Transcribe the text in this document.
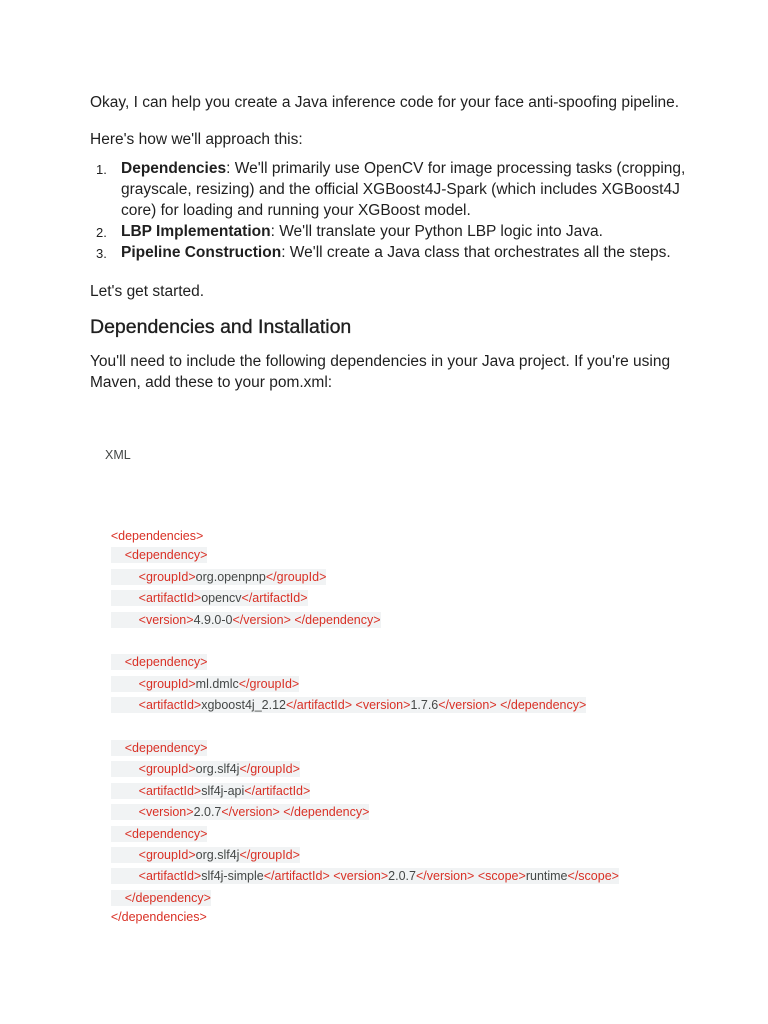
Okay, I can help you create a Java inference code for your face anti-spoofing pipeline.

Here's how we'll approach this:

1. Dependencies: We'll primarily use OpenCV for image processing tasks (cropping, grayscale, resizing) and the official XGBoost4J-Spark (which includes XGBoost4J core) for loading and running your XGBoost model.
2. LBP Implementation: We'll translate your Python LBP logic into Java.
3. Pipeline Construction: We'll create a Java class that orchestrates all the steps.

Let's get started.

Dependencies and Installation

You'll need to include the following dependencies in your Java project. If you're using Maven, add these to your pom.xml:

XML

<dependencies>

<dependency>

<groupId>org.openpnp</groupId>

<artifactId>opencv</artifactId>

<version>4.9.0-0</version> </dependency>

<dependency>

<groupId>ml.dmlc</groupId>

<artifactId>xgboost4j_2.12</artifactId> <version>1.7.6</version> </dependency>

<dependency>

<groupId>org.slf4j</groupId>

<artifactId>slf4j-api</artifactId>

<version>2.0.7</version> </dependency>

<dependency>

<groupId>org.slf4j</groupId>

<artifactId>slf4j-simple</artifactId> <version>2.0.7</version> <scope>runtime</scope>

</dependency>

</dependencies>
